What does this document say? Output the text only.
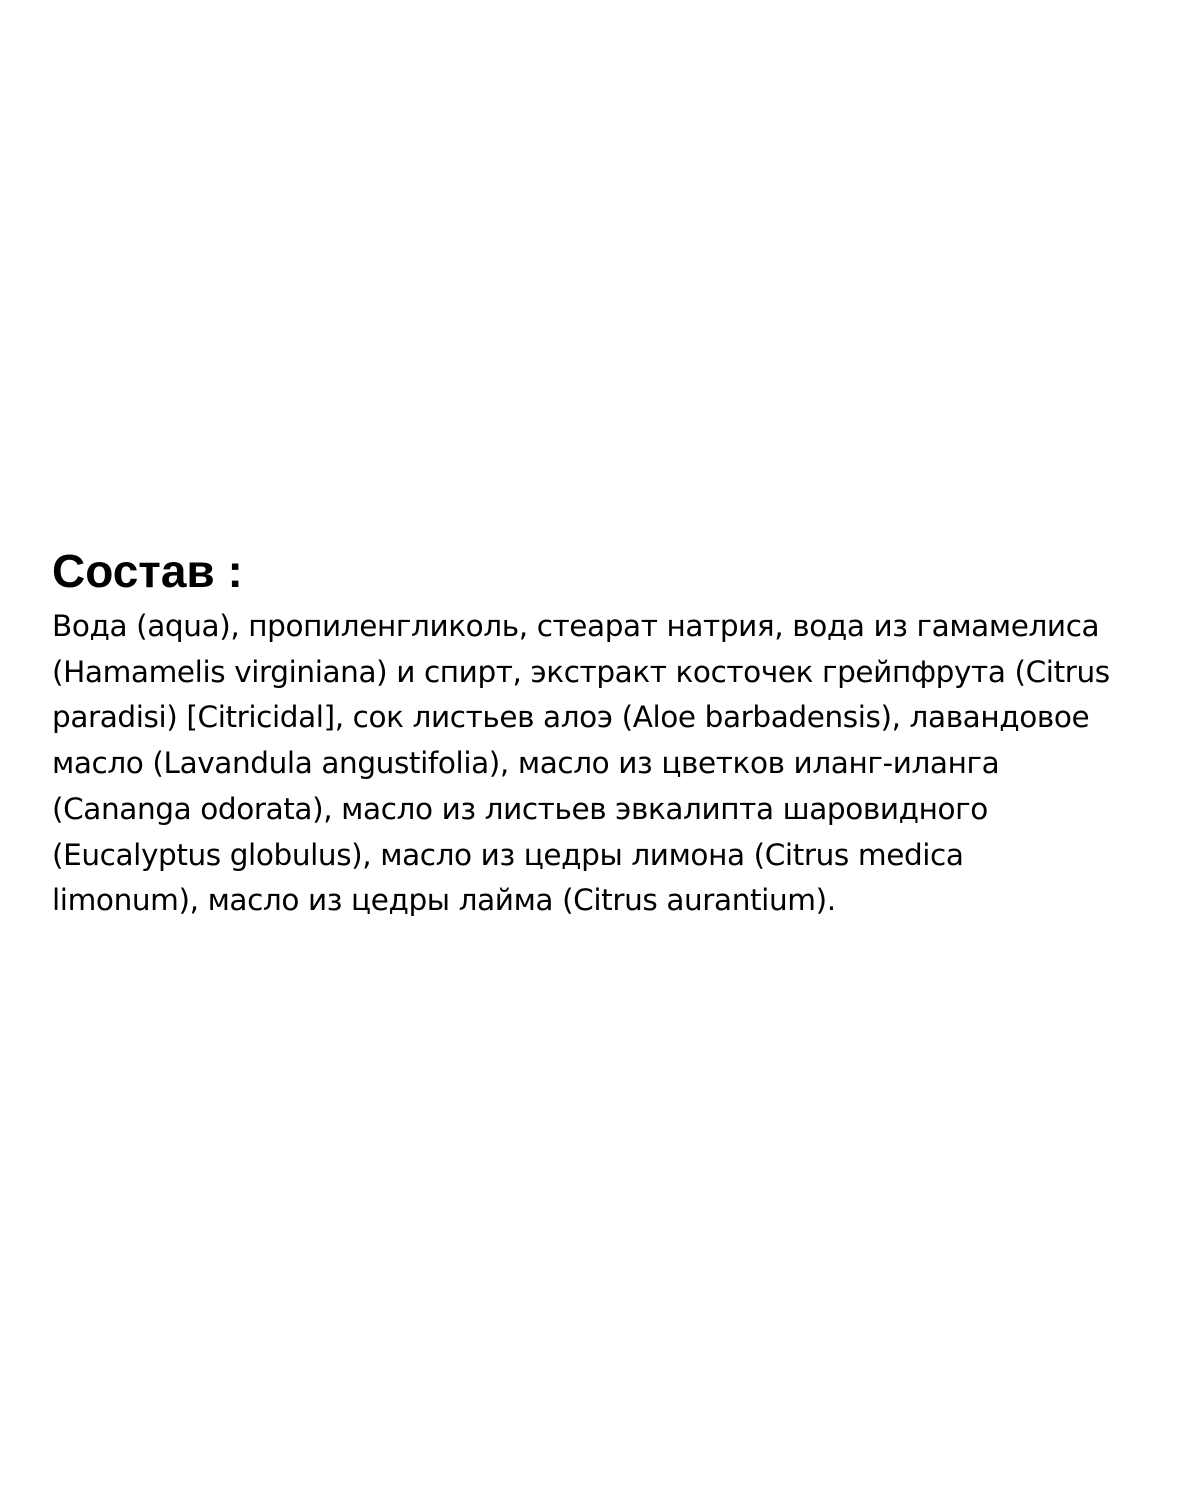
Состав :
Вода (aqua), пропиленгликоль, стеарат натрия, вода из гамамелиса
(Hamamelis virginiana) и спирт, экстракт косточек грейпфрута (Citrus
paradisi) [Citricidal], сок листьев алоэ (Aloe barbadensis), лавандовое
масло (Lavandula angustifolia), масло из цветков иланг-иланга
(Cananga odorata), масло из листьев эвкалипта шаровидного
(Eucalyptus globulus), масло из цедры лимона (Citrus medica
limonum), масло из цедры лайма (Citrus aurantium).
